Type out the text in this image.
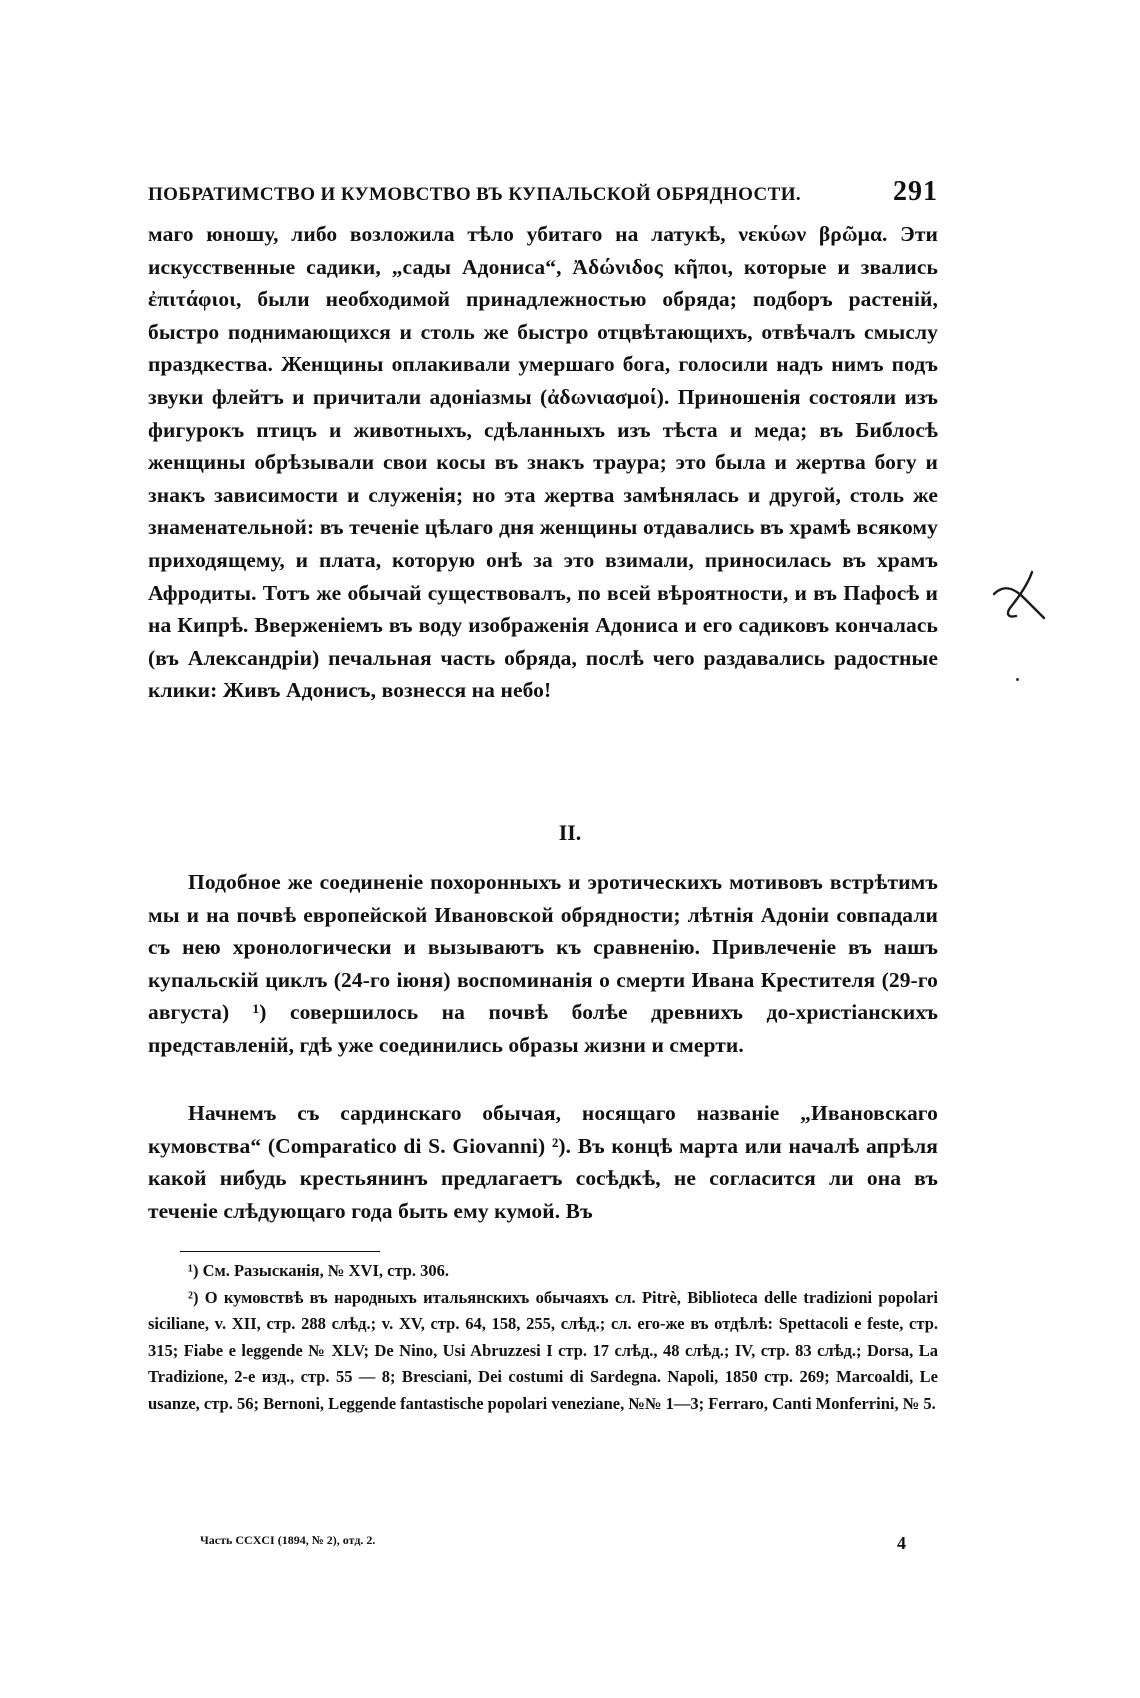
ПОБРАТИМСТВО И КУМОВСТВО ВЪ КУПАЛЬСКОЙ ОБРЯДНОСТИ.	291

маго юношу, либо возложила тѣло убитаго на латукѣ, νεκύων βρῶμα. Эти искусственные садики, „сады Адониса“, Ἀδώνιδος κῆποι, которые и звались ἐπιτάφιοι, были необходимой принадлежностью обряда; подборъ растеній, быстро поднимающихся и столь же быстро отцвѣтающихъ, отвѣчалъ смыслу праздкества. Женщины оплакивали умершаго бога, голосили надъ нимъ подъ звуки флейтъ и причитали адоніазмы (ἀδωνιασμοί). Приношенія состояли изъ фигурокъ птицъ и животныхъ, сдѣланныхъ изъ тѣста и меда; въ Библосѣ женщины обрѣзывали свои косы въ знакъ траура; это была и жертва богу и знакъ зависимости и служенія; но эта жертва замѣнялась и другой, столь же знаменательной: въ теченіе цѣлаго дня женщины отдавались въ храмѣ всякому приходящему, и плата, которую онѣ за это взимали, приносилась въ храмъ Афродиты. Тотъ же обычай существовалъ, по всей вѣроятности, и въ Пафосѣ и на Кипрѣ. Вверженіемъ въ воду изображенія Адониса и его садиковъ кончалась (въ Александріи) печальная часть обряда, послѣ чего раздавались радостные клики: Живъ Адонисъ, вознесся на небо!

II.

Подобное же соединеніе похоронныхъ и эротическихъ мотивовъ встрѣтимъ мы и на почвѣ европейской Ивановской обрядности; лѣтнія Адоніи совпадали съ нею хронологически и вызываютъ къ сравненію. Привлеченіе въ нашъ купальскій циклъ (24-го іюня) воспоминанія о смерти Ивана Крестителя (29-го августа) ¹) совершилось на почвѣ болѣе древнихъ до-христіанскихъ представленій, гдѣ уже соединились образы жизни и смерти.

Начнемъ съ сардинскаго обычая, носящаго названіе „Ивановскаго кумовства“ (Comparatico di S. Giovanni) ²). Въ концѣ марта или началѣ апрѣля какой нибудь крестьянинъ предлагаетъ сосѣдкѣ, не согласится ли она въ теченіе слѣдующаго года быть ему кумой. Въ

¹) См. Разысканія, № XVI, стр. 306.

²) О кумовствѣ въ народныхъ итальянскихъ обычаяхъ сл. Pitrè, Biblioteca delle tradizioni popolari siciliane, v. XII, стр. 288 слѣд.; v. XV, стр. 64, 158, 255, слѣд.; сл. его-же въ отдѣлѣ: Spettacoli e feste, стр. 315; Fiabe e leggende № XLV; De Nino, Usi Abruzzesi I стр. 17 слѣд., 48 слѣд.; IV, стр. 83 слѣд.; Dorsa, La Tradizione, 2-е изд., стр. 55 — 8; Bresciani, Dei costumi di Sardegna. Napoli, 1850 стр. 269; Marcoaldi, Le usanze, стр. 56; Bernoni, Leggende fantastische popolari veneziane, №№ 1—3; Ferraro, Canti Monferrini, № 5.

Часть CCXCI (1894, № 2), отд. 2.	4
